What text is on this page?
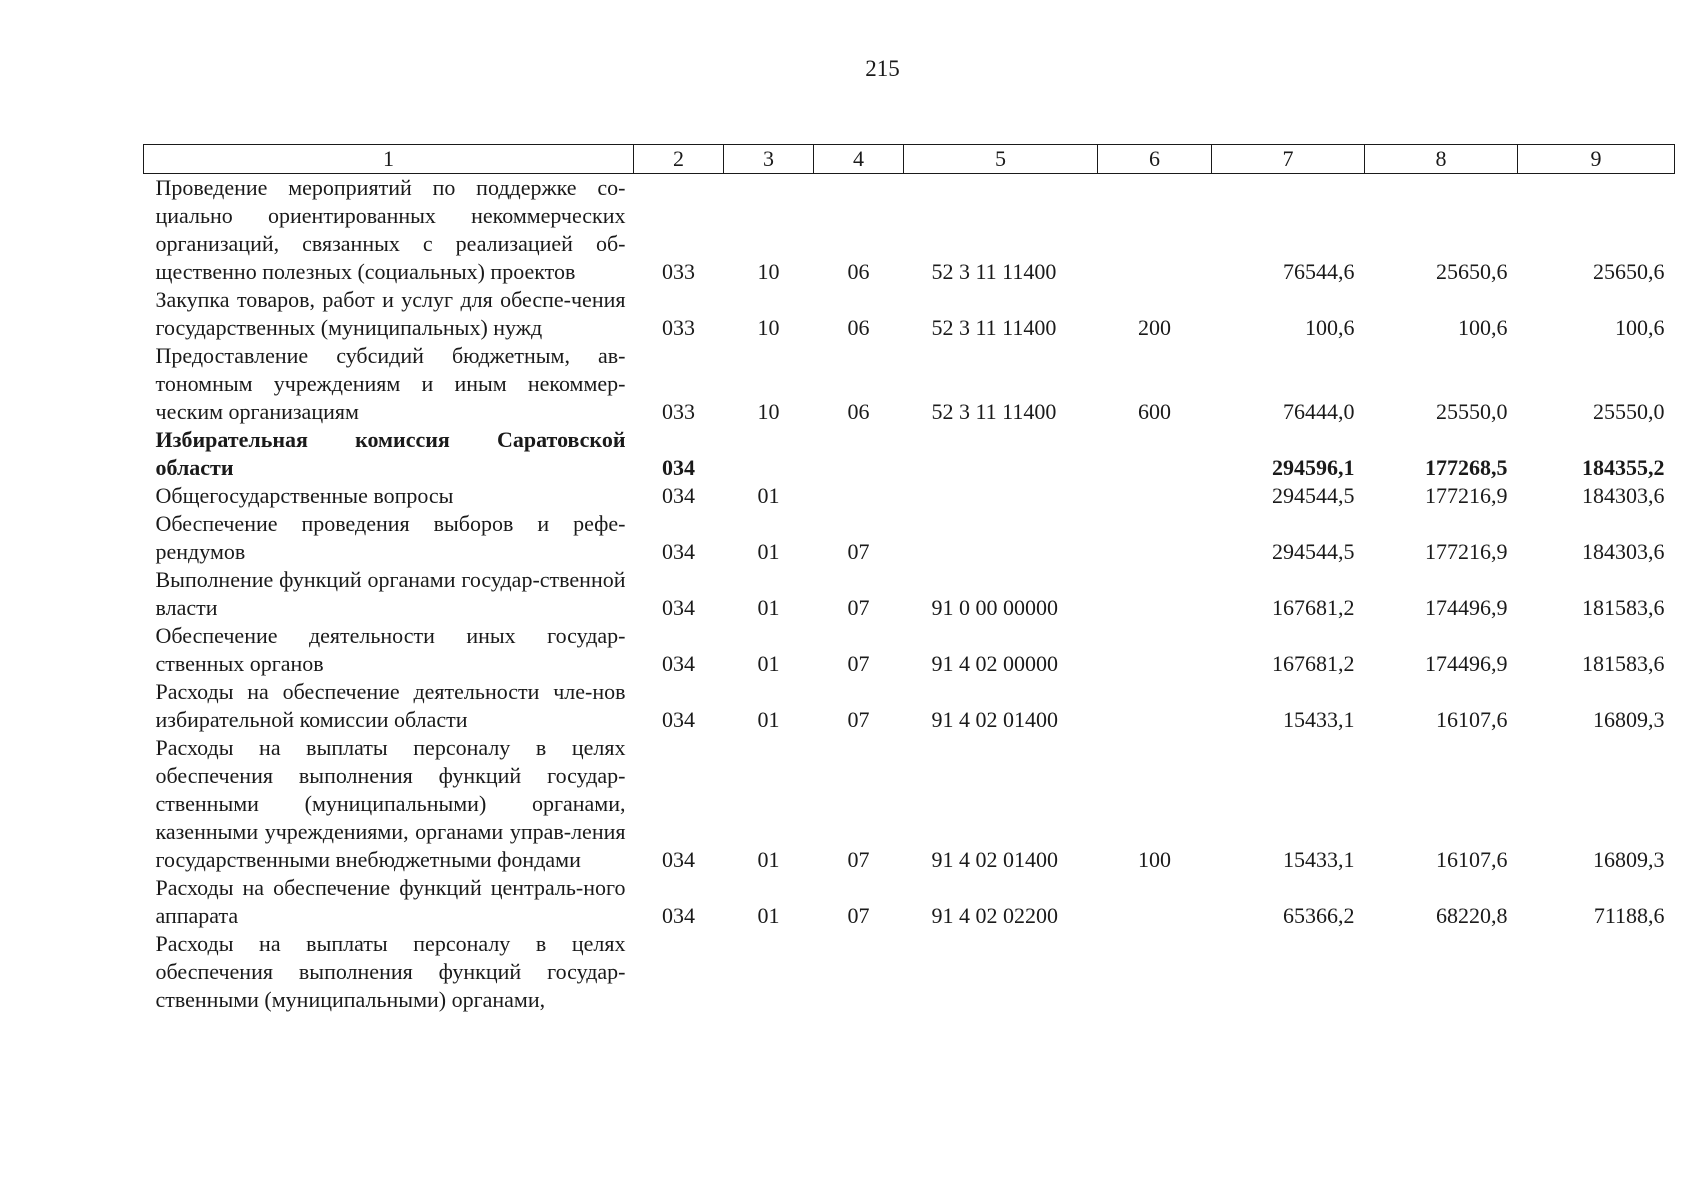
215
1	2	3	4	5	6	7	8	9
Проведение мероприятий по поддержке со-циально ориентированных некоммерческих организаций, связанных с реализацией об-щественно полезных (социальных) проектов	033	10	06	52 3 11 11400		76544,6	25650,6	25650,6
Закупка товаров, работ и услуг для обеспе-чения государственных (муниципальных) нужд	033	10	06	52 3 11 11400	200	100,6	100,6	100,6
Предоставление субсидий бюджетным, ав-тономным учреждениям и иным некоммер-ческим организациям	033	10	06	52 3 11 11400	600	76444,0	25550,0	25550,0
Избирательная комиссия Саратовской области	034					294596,1	177268,5	184355,2
Общегосударственные вопросы	034	01				294544,5	177216,9	184303,6
Обеспечение проведения выборов и рефе-рендумов	034	01	07			294544,5	177216,9	184303,6
Выполнение функций органами государ-ственной власти	034	01	07	91 0 00 00000		167681,2	174496,9	181583,6
Обеспечение деятельности иных государ-ственных органов	034	01	07	91 4 02 00000		167681,2	174496,9	181583,6
Расходы на обеспечение деятельности чле-нов избирательной комиссии области	034	01	07	91 4 02 01400		15433,1	16107,6	16809,3
Расходы на выплаты персоналу в целях обеспечения выполнения функций государ-ственными (муниципальными) органами, казенными учреждениями, органами управ-ления государственными внебюджетными фондами	034	01	07	91 4 02 01400	100	15433,1	16107,6	16809,3
Расходы на обеспечение функций централь-ного аппарата	034	01	07	91 4 02 02200		65366,2	68220,8	71188,6
Расходы на выплаты персоналу в целях обеспечения выполнения функций государ-ственными (муниципальными) органами,								
